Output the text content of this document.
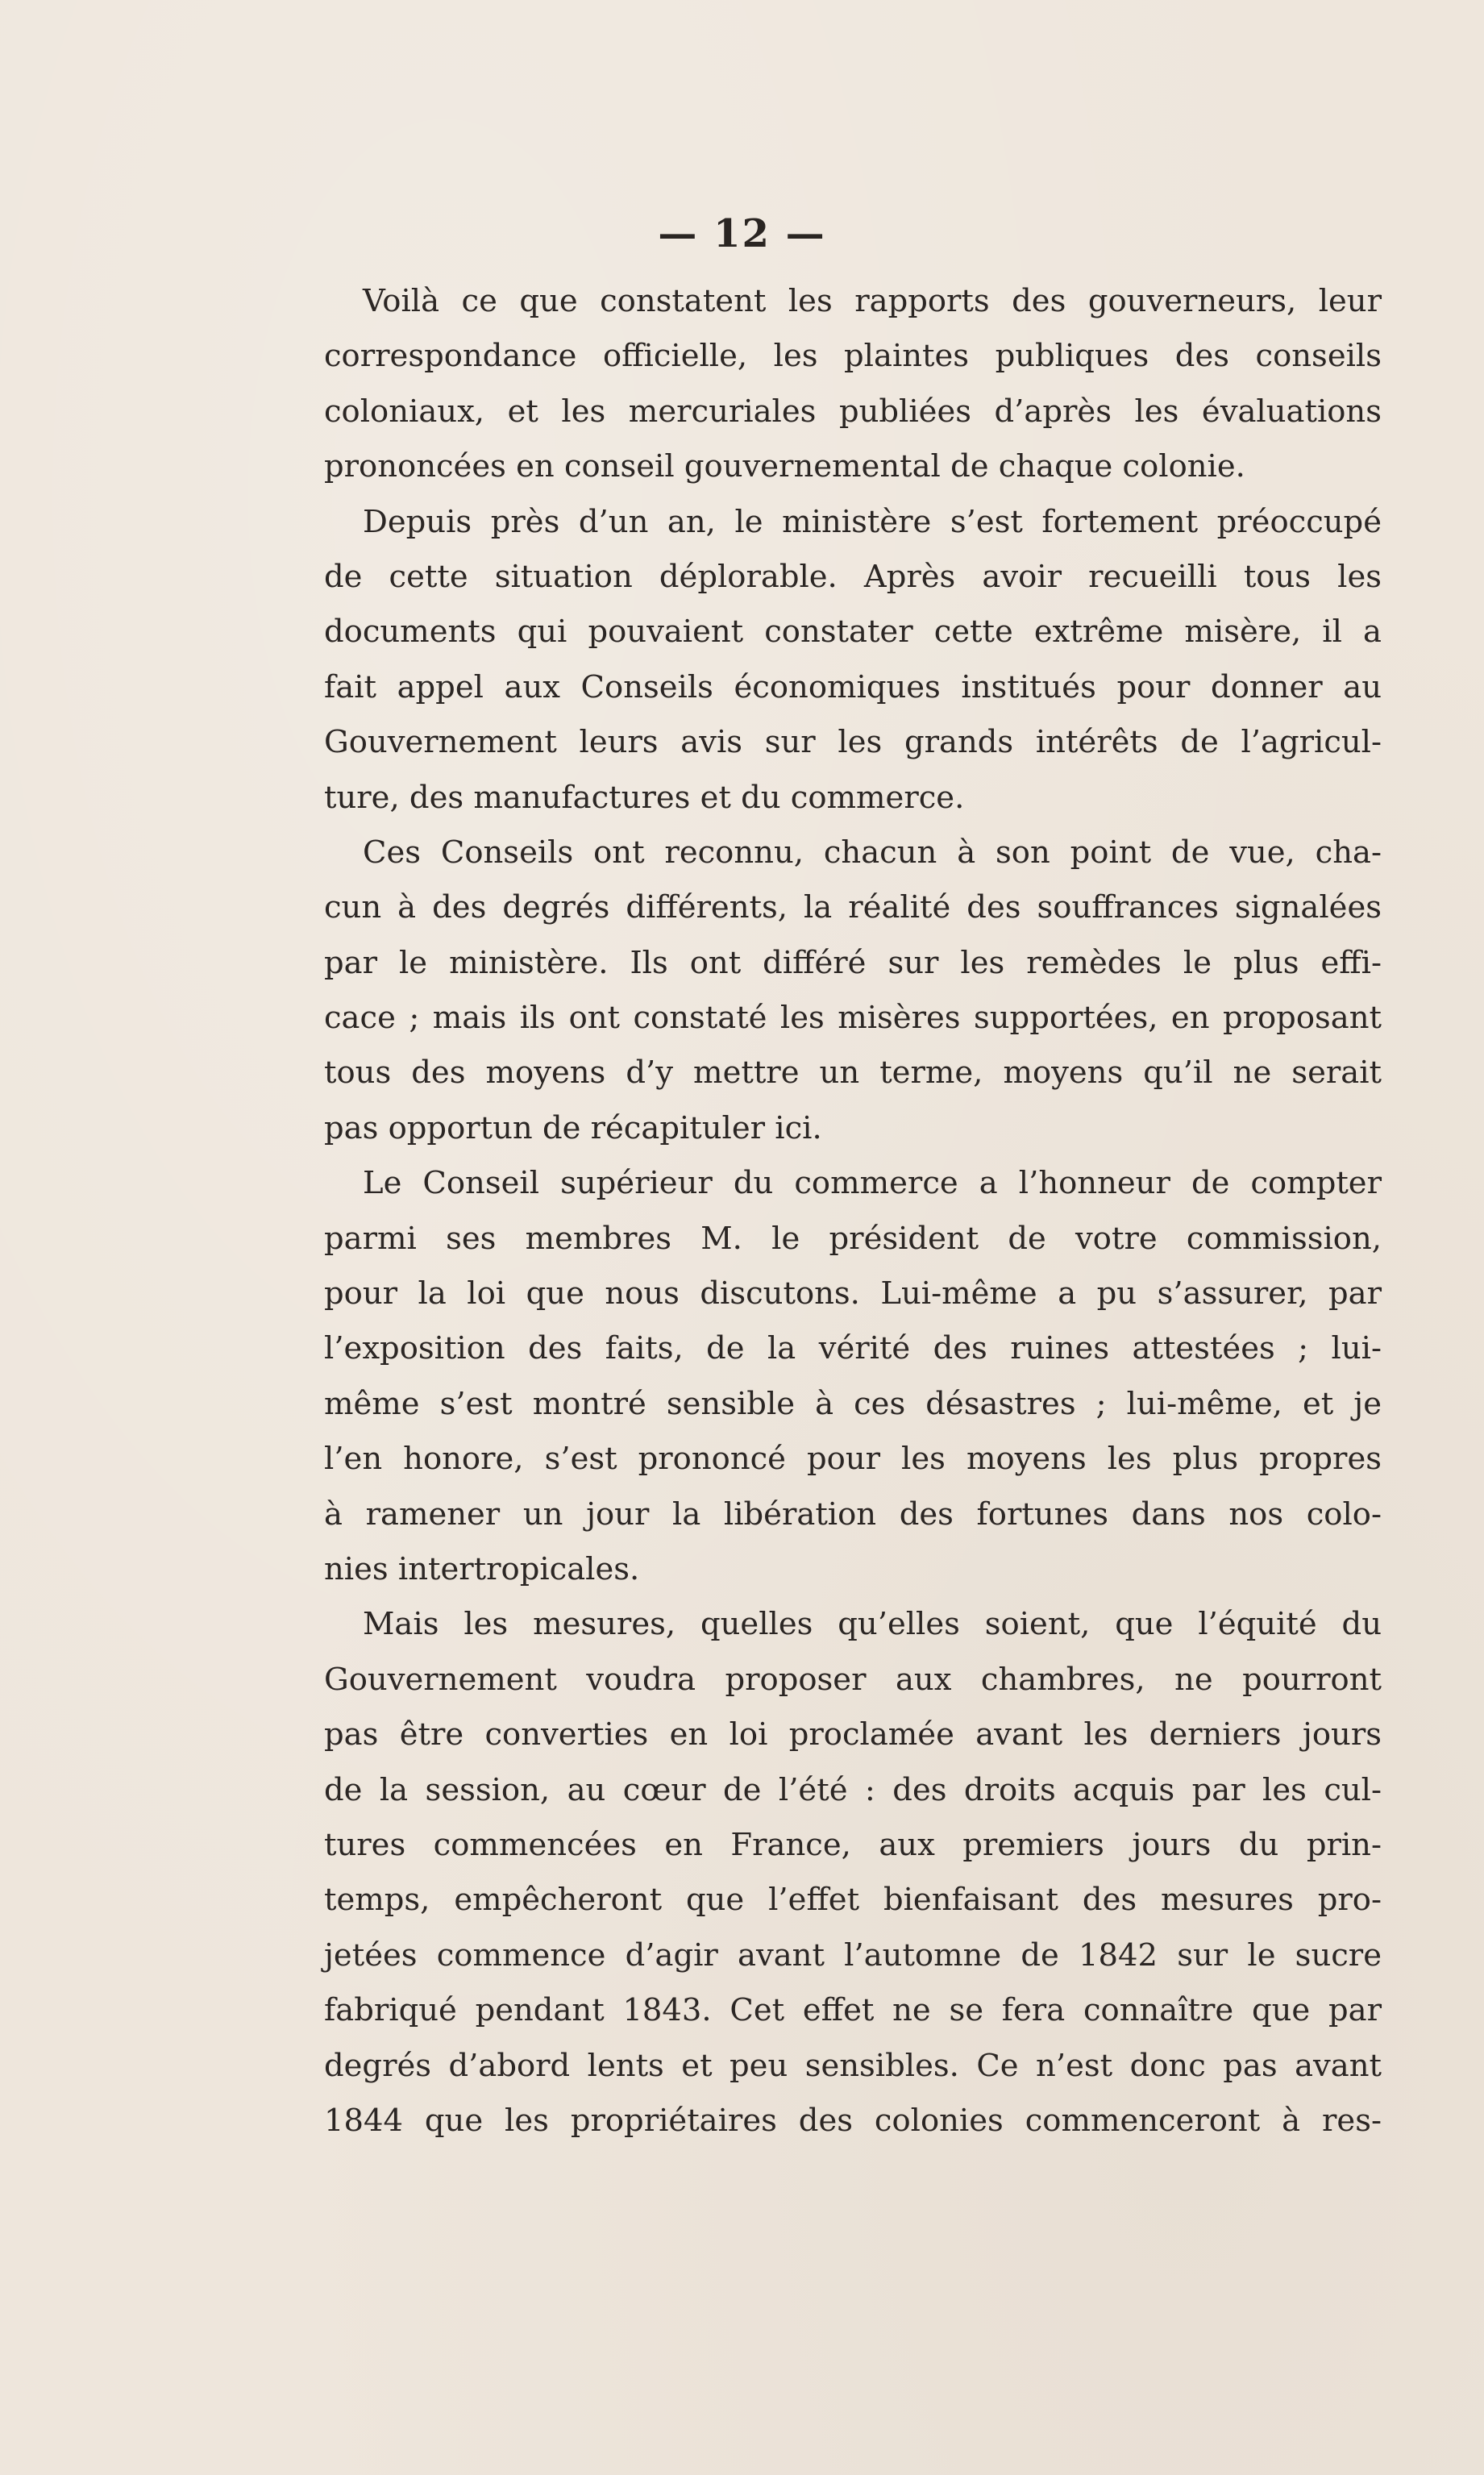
— 12 —
Voilà ce que constatent les rapports des gouverneurs, leur
correspondance officielle, les plaintes publiques des conseils
coloniaux, et les mercuriales publiées d’après les évaluations
prononcées en conseil gouvernemental de chaque colonie.
Depuis près d’un an, le ministère s’est fortement préoccupé
de cette situation déplorable. Après avoir recueilli tous les
documents qui pouvaient constater cette extrême misère, il a
fait appel aux Conseils économiques institués pour donner au
Gouvernement leurs avis sur les grands intérêts de l’agricul-
ture, des manufactures et du commerce.
Ces Conseils ont reconnu, chacun à son point de vue, cha-
cun à des degrés différents, la réalité des souffrances signalées
par le ministère. Ils ont différé sur les remèdes le plus effi-
cace ; mais ils ont constaté les misères supportées, en proposant
tous des moyens d’y mettre un terme, moyens qu’il ne serait
pas opportun de récapituler ici.
Le Conseil supérieur du commerce a l’honneur de compter
parmi ses membres M. le président de votre commission,
pour la loi que nous discutons. Lui-même a pu s’assurer, par
l’exposition des faits, de la vérité des ruines attestées ; lui-
même s’est montré sensible à ces désastres ; lui-même, et je
l’en honore, s’est prononcé pour les moyens les plus propres
à ramener un jour la libération des fortunes dans nos colo-
nies intertropicales.
Mais les mesures, quelles qu’elles soient, que l’équité du
Gouvernement voudra proposer aux chambres, ne pourront
pas être converties en loi proclamée avant les derniers jours
de la session, au cœur de l’été : des droits acquis par les cul-
tures commencées en France, aux premiers jours du prin-
temps, empêcheront que l’effet bienfaisant des mesures pro-
jetées commence d’agir avant l’automne de 1842 sur le sucre
fabriqué pendant 1843. Cet effet ne se fera connaître que par
degrés d’abord lents et peu sensibles. Ce n’est donc pas avant
1844 que les propriétaires des colonies commenceront à res-
